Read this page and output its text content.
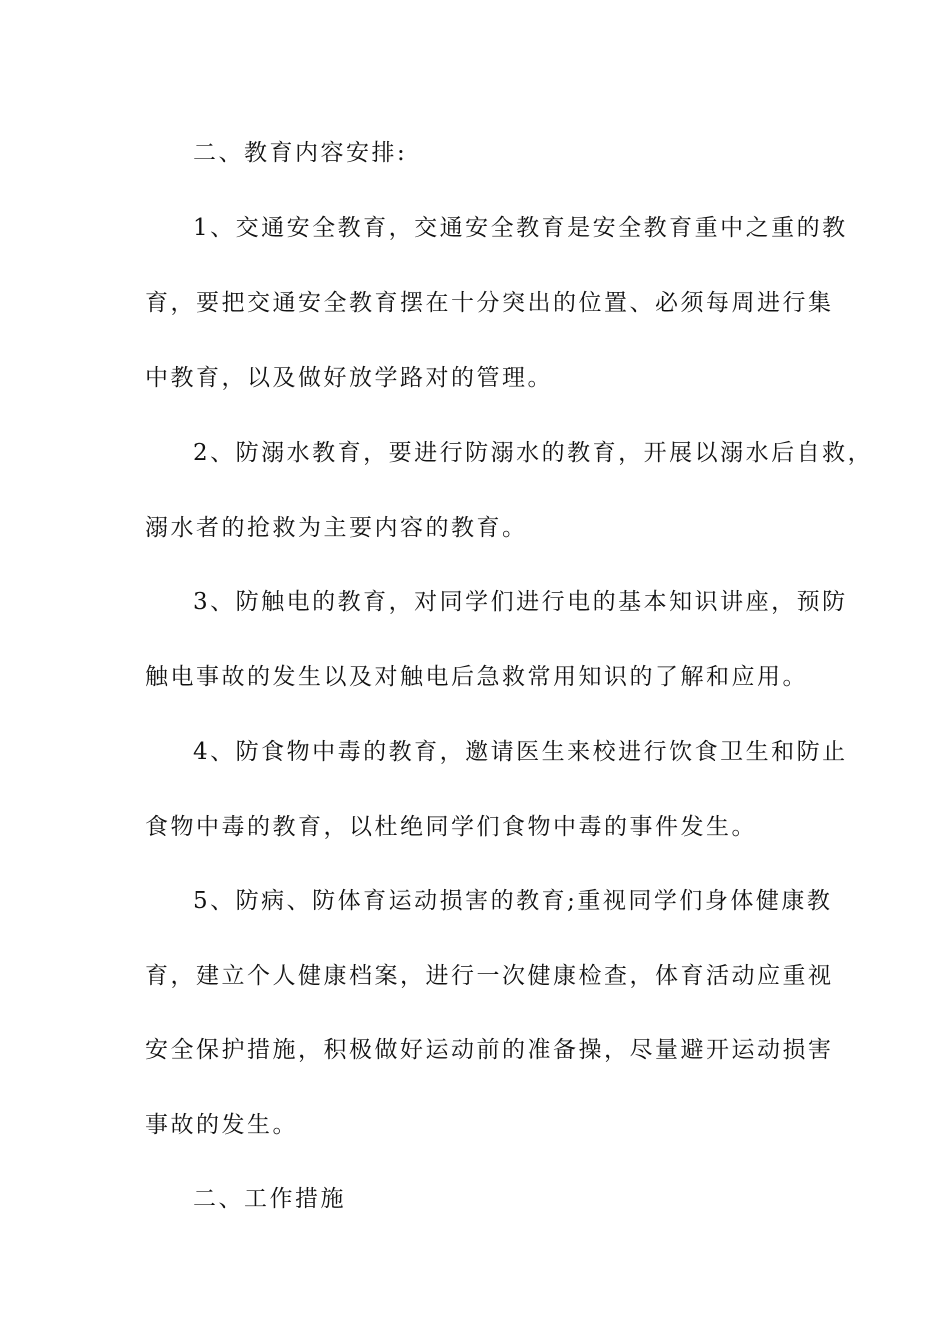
二、教育内容安排:
1、交通安全教育，交通安全教育是安全教育重中之重的教
育，要把交通安全教育摆在十分突出的位置、必须每周进行集
中教育，以及做好放学路对的管理。
2、防溺水教育，要进行防溺水的教育，开展以溺水后自救，
溺水者的抢救为主要内容的教育。
3、防触电的教育，对同学们进行电的基本知识讲座，预防
触电事故的发生以及对触电后急救常用知识的了解和应用。
4、防食物中毒的教育，邀请医生来校进行饮食卫生和防止
食物中毒的教育，以杜绝同学们食物中毒的事件发生。
5、防病、防体育运动损害的教育;重视同学们身体健康教
育，建立个人健康档案，进行一次健康检查，体育活动应重视
安全保护措施，积极做好运动前的准备操，尽量避开运动损害
事故的发生。
二、工作措施
